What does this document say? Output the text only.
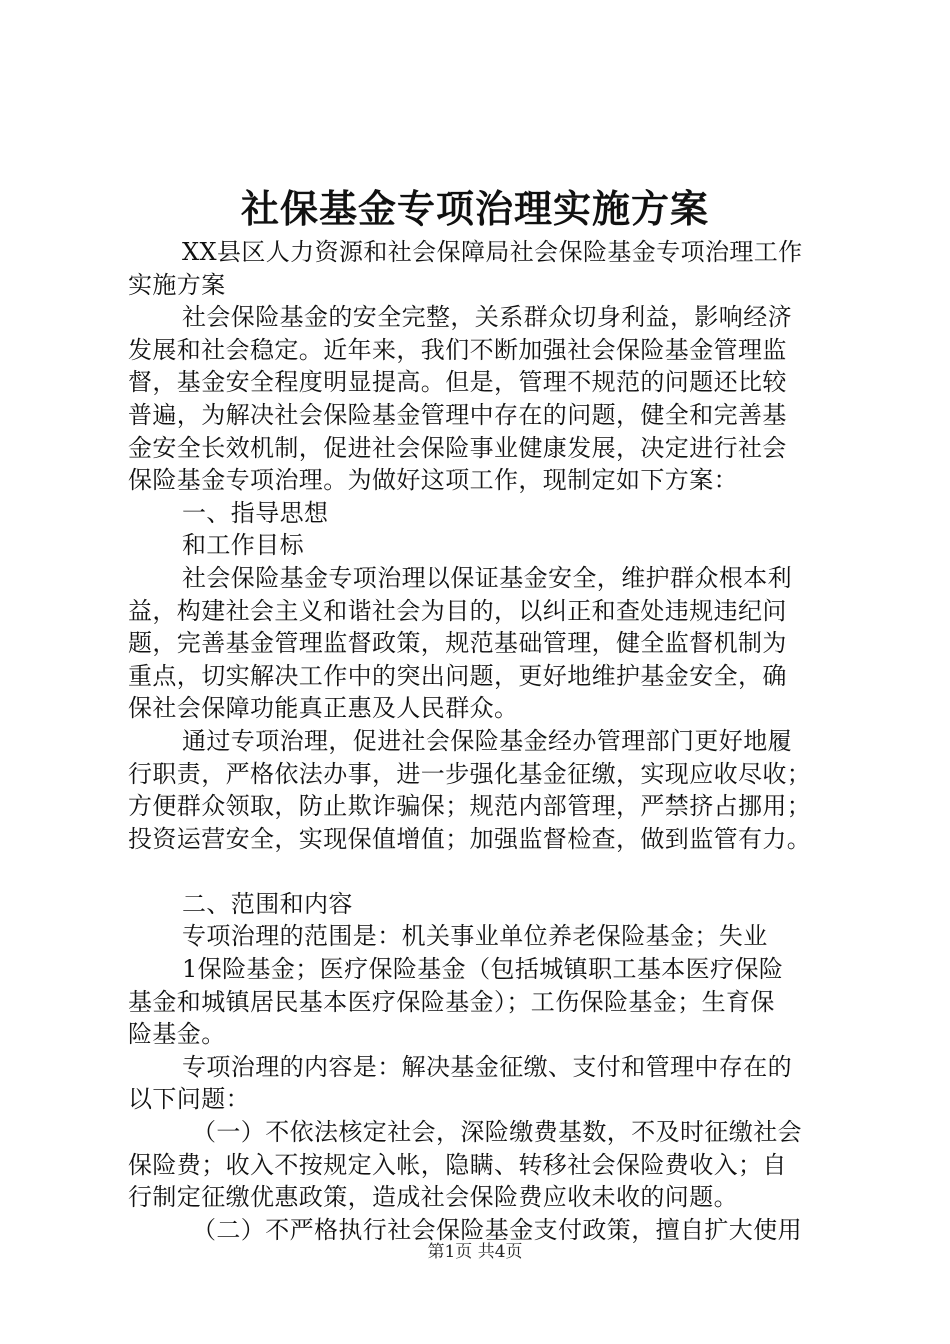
社保基金专项治理实施方案
XX县区人力资源和社会保障局社会保险基金专项治理工作
实施方案
社会保险基金的安全完整，关系群众切身利益，影响经济
发展和社会稳定。近年来，我们不断加强社会保险基金管理监
督，基金安全程度明显提高。但是，管理不规范的问题还比较
普遍，为解决社会保险基金管理中存在的问题，健全和完善基
金安全长效机制，促进社会保险事业健康发展，决定进行社会
保险基金专项治理。为做好这项工作，现制定如下方案：
一、指导思想
和工作目标
社会保险基金专项治理以保证基金安全，维护群众根本利
益，构建社会主义和谐社会为目的，以纠正和查处违规违纪问
题，完善基金管理监督政策，规范基础管理，健全监督机制为
重点，切实解决工作中的突出问题，更好地维护基金安全，确
保社会保障功能真正惠及人民群众。
通过专项治理，促进社会保险基金经办管理部门更好地履
行职责，严格依法办事，进一步强化基金征缴，实现应收尽收；
方便群众领取，防止欺诈骗保；规范内部管理，严禁挤占挪用；
投资运营安全，实现保值增值；加强监督检查，做到监管有力。
二、范围和内容
专项治理的范围是：机关事业单位养老保险基金；失业
1保险基金；医疗保险基金（包括城镇职工基本医疗保险
基金和城镇居民基本医疗保险基金）；工伤保险基金；生育保
险基金。
专项治理的内容是：解决基金征缴、支付和管理中存在的
以下问题：
（一）不依法核定社会，深险缴费基数，不及时征缴社会
保险费；收入不按规定入帐，隐瞒、转移社会保险费收入；自
行制定征缴优惠政策，造成社会保险费应收未收的问题。
（二）不严格执行社会保险基金支付政策，擅自扩大使用
第1页 共4页
